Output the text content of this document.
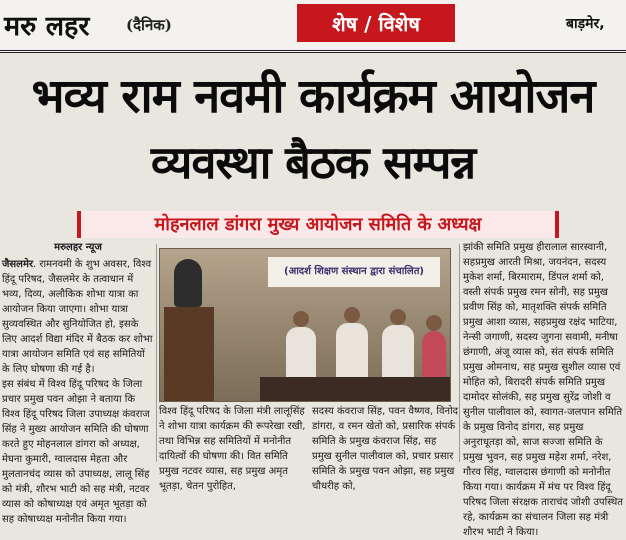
मरु लहर (दैनिक)	शेष / विशेष	बाड़मेर,
भव्य राम नवमी कार्यक्रम आयोजन
व्यवस्था बैठक सम्पन्न
मोहनलाल डांगरा मुख्य आयोजन समिति के अध्यक्ष
मरुलहर न्यूज

जैसलमेर. रामनवमी के शुभ अवसर, विश्व हिंदू परिषद, जैसलमेर के तत्वाधान में भव्य, दिव्य, अलौकिक शोभा यात्रा का आयोजन किया जाएगा। शोभा यात्रा सुव्यवस्थित और सुनियोजित हो, इसके लिए आदर्श विद्या मंदिर में बैठक कर शोभा यात्रा आयोजन समिति एवं सह समितियों के लिए घोषणा की गई है।

इस संबंध में विश्व हिंदू परिषद के जिला प्रचार प्रमुख पवन ओझा ने बताया कि विश्व हिंदू परिषद जिला उपाध्यक्ष कंवराज सिंह ने मुख्य आयोजन समिति की घोषणा करते हुए मोहनलाल डांगरा को अध्यक्ष, मेघना कुमारी, ग्वालदास मेहता और मुलतानचंद व्यास को उपाध्यक्ष, लालू सिंह को मंत्री, शौरभ भाटी को सह मंत्री, नटवर व्यास को कोषाध्यक्ष एवं अमृत भूतड़ा को सह कोषाध्यक्ष मनोनीत किया गया।

(आदर्श शिक्षण संस्थान द्वारा संचालित)
विश्व हिंदू परिषद के जिला मंत्री लालूसिंह ने शोभा यात्रा कार्यक्रम की रूपरेखा रखी, तथा विभिन्न सह समितियों में मनोनीत दायित्वों की घोषणा की। वित समिति प्रमुख नटवर व्यास, सह प्रमुख अमृत भूतड़ा, चेतन पुरोहित,
सदस्य कंवराज सिंह, पवन वैष्णव, विनोद डांगरा, व रमन खेतो को, प्रसारिक संपर्क समिति के प्रमुख कंवराज सिंह, सह प्रमुख सुनील पालीवाल को, प्रचार प्रसार समिति के प्रमुख पवन ओझा, सह प्रमुख चौधरीह को,
झांकी समिति प्रमुख हीरालाल सारस्वानी, सहप्रमुख आरती मिश्रा, जयनंदन, सदस्य मुकेश शर्मा, बिरमाराम, डिंपल शर्मा को, वस्ती संपर्क प्रमुख रमन सोनी, सह प्रमुख प्रवीण सिंह को, मातृशक्ति संपर्क समिति प्रमुख आशा व्यास, सहप्रमुख रक्षंद भाटिया, नेन्सी जगाणी, सदस्य जुगना सवामी, मनीषा छंगाणी, अंजू व्यास को, संत संपर्क समिति प्रमुख ओमनाथ, सह प्रमुख सुशील व्यास एवं मोहित को, बिरादरी संपर्क समिति प्रमुख दामोदर सोलंकी, सह प्रमुख सुरेंद्र जोशी व सुनील पालीवाल को, स्वागत-जलपान समिति के प्रमुख विनोद डांगरा, सह प्रमुख अनुराधूतड़ा को, साज सज्जा समिति के प्रमुख भुवन, सह प्रमुख महेश शर्मा, नरेश, गौरव सिंह, ग्वालदास छंगाणी को मनोनीत किया गया। कार्यक्रम में मंच पर विश्व हिंदू परिषद जिला संरक्षक ताराचंद जोशी उपस्थित रहे, कार्यक्रम का संचालन जिला सह मंत्री शौरभ भाटी ने किया।
